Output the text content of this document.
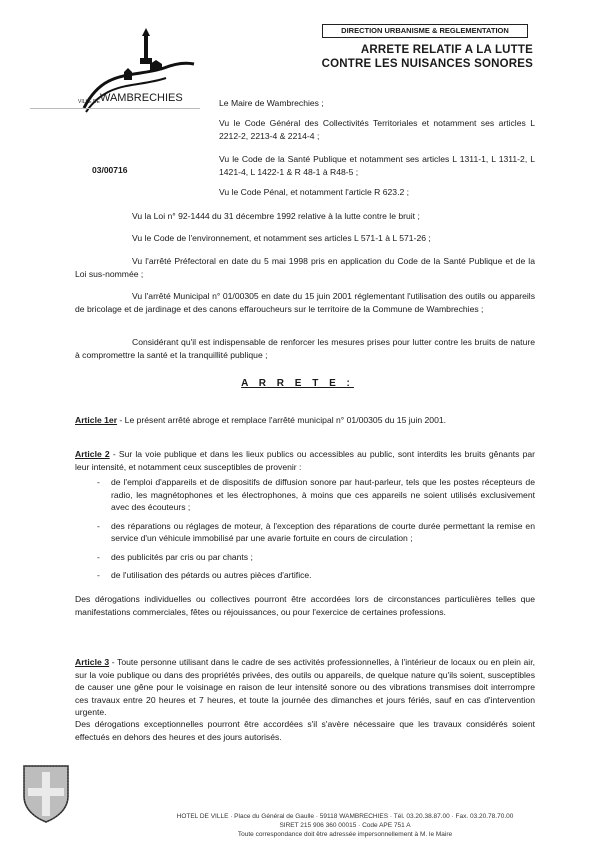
VILLE DE WAMBRECHIES
DIRECTION URBANISME & REGLEMENTATION
ARRETE RELATIF A LA LUTTE
CONTRE LES NUISANCES SONORES
03/00716
Le Maire de Wambrechies ;
Vu le Code Général des Collectivités Territoriales et notamment ses articles L 2212-2, 2213-4 & 2214-4 ;
Vu le Code de la Santé Publique et notamment ses articles L 1311-1, L 1311-2, L 1421-4, L 1422-1 & R 48-1 à R48-5 ;
Vu le Code Pénal, et notamment l'article R 623.2 ;
Vu la Loi n° 92-1444 du 31 décembre 1992 relative à la lutte contre le bruit ;
Vu le Code de l'environnement, et notamment ses articles L 571-1 à L 571-26 ;
Vu l'arrêté Préfectoral en date du 5 mai 1998 pris en application du Code de la Santé Publique et de la Loi sus-nommée ;
Vu l'arrêté Municipal n° 01/00305 en date du 15 juin 2001 réglementant l'utilisation des outils ou appareils de bricolage et de jardinage et des canons effaroucheurs sur le territoire de la Commune de Wambrechies ;
Considérant qu'il est indispensable de renforcer les mesures prises pour lutter contre les bruits de nature à compromettre la santé et la tranquillité publique ;
A R R E T E :
Article 1er - Le présent arrêté abroge et remplace l'arrêté municipal n° 01/00305 du 15 juin 2001.
Article 2 - Sur la voie publique et dans les lieux publics ou accessibles au public, sont interdits les bruits gênants par leur intensité, et notamment ceux susceptibles de provenir :
- de l'emploi d'appareils et de dispositifs de diffusion sonore par haut-parleur, tels que les postes récepteurs de radio, les magnétophones et les électrophones, à moins que ces appareils ne soient utilisés exclusivement avec des écouteurs ;
- des réparations ou réglages de moteur, à l'exception des réparations de courte durée permettant la remise en service d'un véhicule immobilisé par une avarie fortuite en cours de circulation ;
- des publicités par cris ou par chants ;
- de l'utilisation des pétards ou autres pièces d'artifice.
Des dérogations individuelles ou collectives pourront être accordées lors de circonstances particulières telles que manifestations commerciales, fêtes ou réjouissances, ou pour l'exercice de certaines professions.
Article 3 - Toute personne utilisant dans le cadre de ses activités professionnelles, à l'intérieur de locaux ou en plein air, sur la voie publique ou dans des propriétés privées, des outils ou appareils, de quelque nature qu'ils soient, susceptibles de causer une gêne pour le voisinage en raison de leur intensité sonore ou des vibrations transmises doit interrompre ces travaux entre 20 heures et 7 heures, et toute la journée des dimanches et jours fériés, sauf en cas d'intervention urgente.
Des dérogations exceptionnelles pourront être accordées s'il s'avère nécessaire que les travaux considérés soient effectués en dehors des heures et des jours autorisés.
HOTEL DE VILLE · Place du Général de Gaulle · 59118 WAMBRECHIES · Tél. 03.20.38.87.00 · Fax. 03.20.78.70.00
SIRET 215 906 360 00015 · Code APE 751 A
Toute correspondance doit être adressée impersonnellement à M. le Maire
